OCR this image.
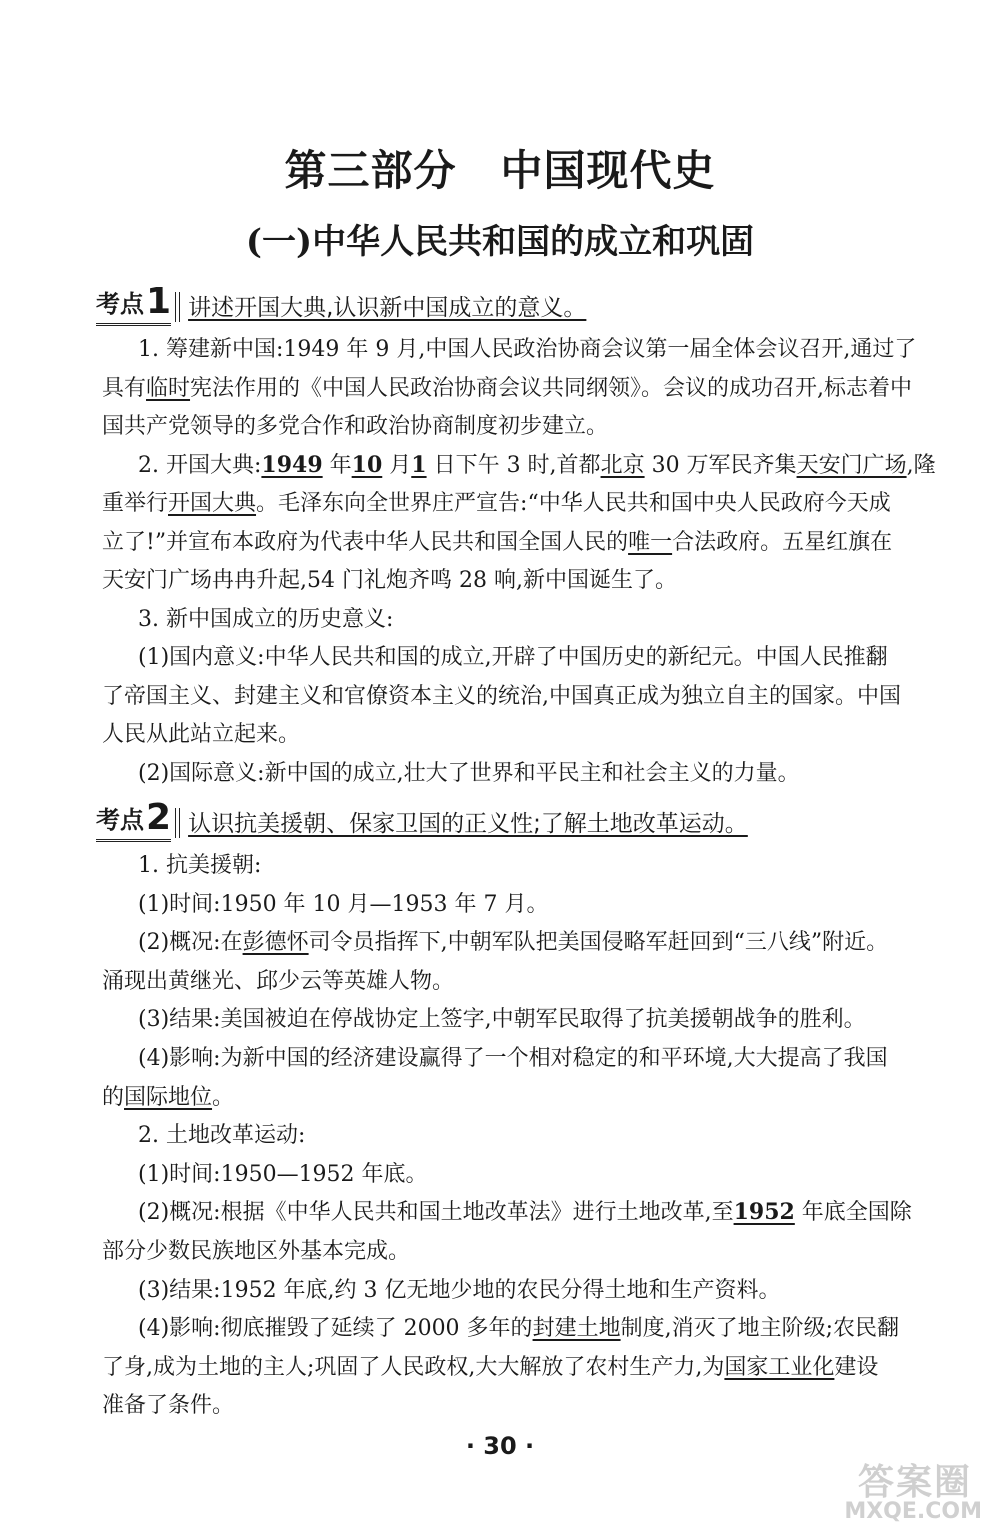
第三部分 中国现代史
(一)中华人民共和国的成立和巩固
考点 1 讲述开国大典,认识新中国成立的意义。
1. 筹建新中国:1949 年 9 月,中国人民政治协商会议第一届全体会议召开,通过了
具有临时宪法作用的《中国人民政治协商会议共同纲领》。会议的成功召开,标志着中
国共产党领导的多党合作和政治协商制度初步建立。
2. 开国大典:1949 年10 月1 日下午 3 时,首都北京 30 万军民齐集天安门广场,隆
重举行开国大典。毛泽东向全世界庄严宣告:“中华人民共和国中央人民政府今天成
立了!”并宣布本政府为代表中华人民共和国全国人民的唯一合法政府。五星红旗在
天安门广场冉冉升起,54 门礼炮齐鸣 28 响,新中国诞生了。
3. 新中国成立的历史意义:
(1)国内意义:中华人民共和国的成立,开辟了中国历史的新纪元。中国人民推翻
了帝国主义、封建主义和官僚资本主义的统治,中国真正成为独立自主的国家。中国
人民从此站立起来。
(2)国际意义:新中国的成立,壮大了世界和平民主和社会主义的力量。
考点 2 认识抗美援朝、保家卫国的正义性;了解土地改革运动。
1. 抗美援朝:
(1)时间:1950 年 10 月—1953 年 7 月。
(2)概况:在彭德怀司令员指挥下,中朝军队把美国侵略军赶回到“三八线”附近。
涌现出黄继光、邱少云等英雄人物。
(3)结果:美国被迫在停战协定上签字,中朝军民取得了抗美援朝战争的胜利。
(4)影响:为新中国的经济建设赢得了一个相对稳定的和平环境,大大提高了我国
的国际地位。
2. 土地改革运动:
(1)时间:1950—1952 年底。
(2)概况:根据《中华人民共和国土地改革法》进行土地改革,至1952 年底全国除
部分少数民族地区外基本完成。
(3)结果:1952 年底,约 3 亿无地少地的农民分得土地和生产资料。
(4)影响:彻底摧毁了延续了 2000 多年的封建土地制度,消灭了地主阶级;农民翻
了身,成为土地的主人;巩固了人民政权,大大解放了农村生产力,为国家工业化建设
准备了条件。
· 30 ·
答案圈
MXQE.COM
